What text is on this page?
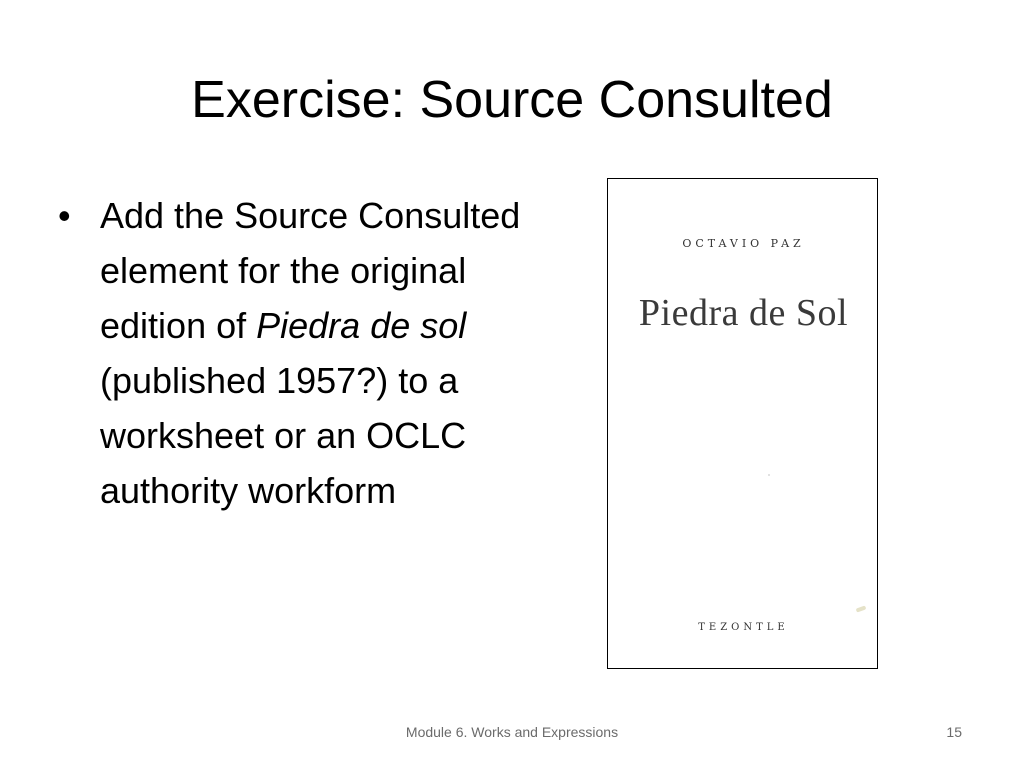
Exercise: Source Consulted
• Add the Source Consulted element for the original edition of Piedra de sol (published 1957?) to a worksheet or an OCLC authority workform
OCTAVIO PAZ
Piedra de Sol
TEZONTLE
Module 6. Works and Expressions	15
